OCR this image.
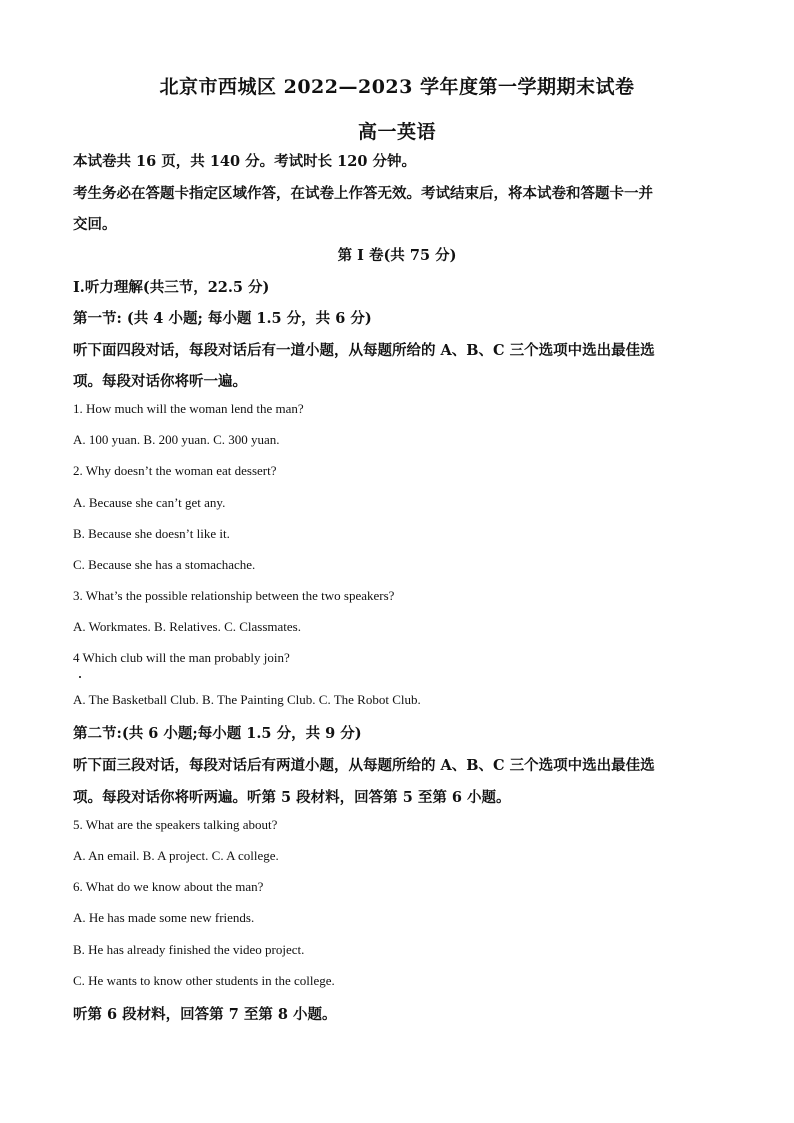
北京市西城区 2022—2023 学年度第一学期期末试卷
高一英语
本试卷共 16 页，共 140 分。考试时长 120 分钟。
考生务必在答题卡指定区域作答，在试卷上作答无效。考试结束后，将本试卷和答题卡一并
交回。
第 I 卷(共 75 分)
Ⅰ.听力理解(共三节，22.5 分)
第一节: (共 4 小题; 每小题 1.5 分，共 6 分)
听下面四段对话，每段对话后有一道小题，从每题所给的 A、B、C 三个选项中选出最佳选
项。每段对话你将听一遍。
1. How much will the woman lend the man?
A. 100 yuan. B. 200 yuan. C. 300 yuan.
2. Why doesn’t the woman eat dessert?
A. Because she can’t get any.
B. Because she doesn’t like it.
C. Because she has a stomachache.
3. What’s the possible relationship between the two speakers?
A. Workmates. B. Relatives. C. Classmates.
4 Which club will the man probably join?
A. The Basketball Club. B. The Painting Club. C. The Robot Club.
第二节:(共 6 小题;每小题 1.5 分，共 9 分)
听下面三段对话，每段对话后有两道小题，从每题所给的 A、B、C 三个选项中选出最佳选
项。每段对话你将听两遍。听第 5 段材料，回答第 5 至第 6 小题。
5. What are the speakers talking about?
A. An email. B. A project. C. A college.
6. What do we know about the man?
A. He has made some new friends.
B. He has already finished the video project.
C. He wants to know other students in the college.
听第 6 段材料，回答第 7 至第 8 小题。
